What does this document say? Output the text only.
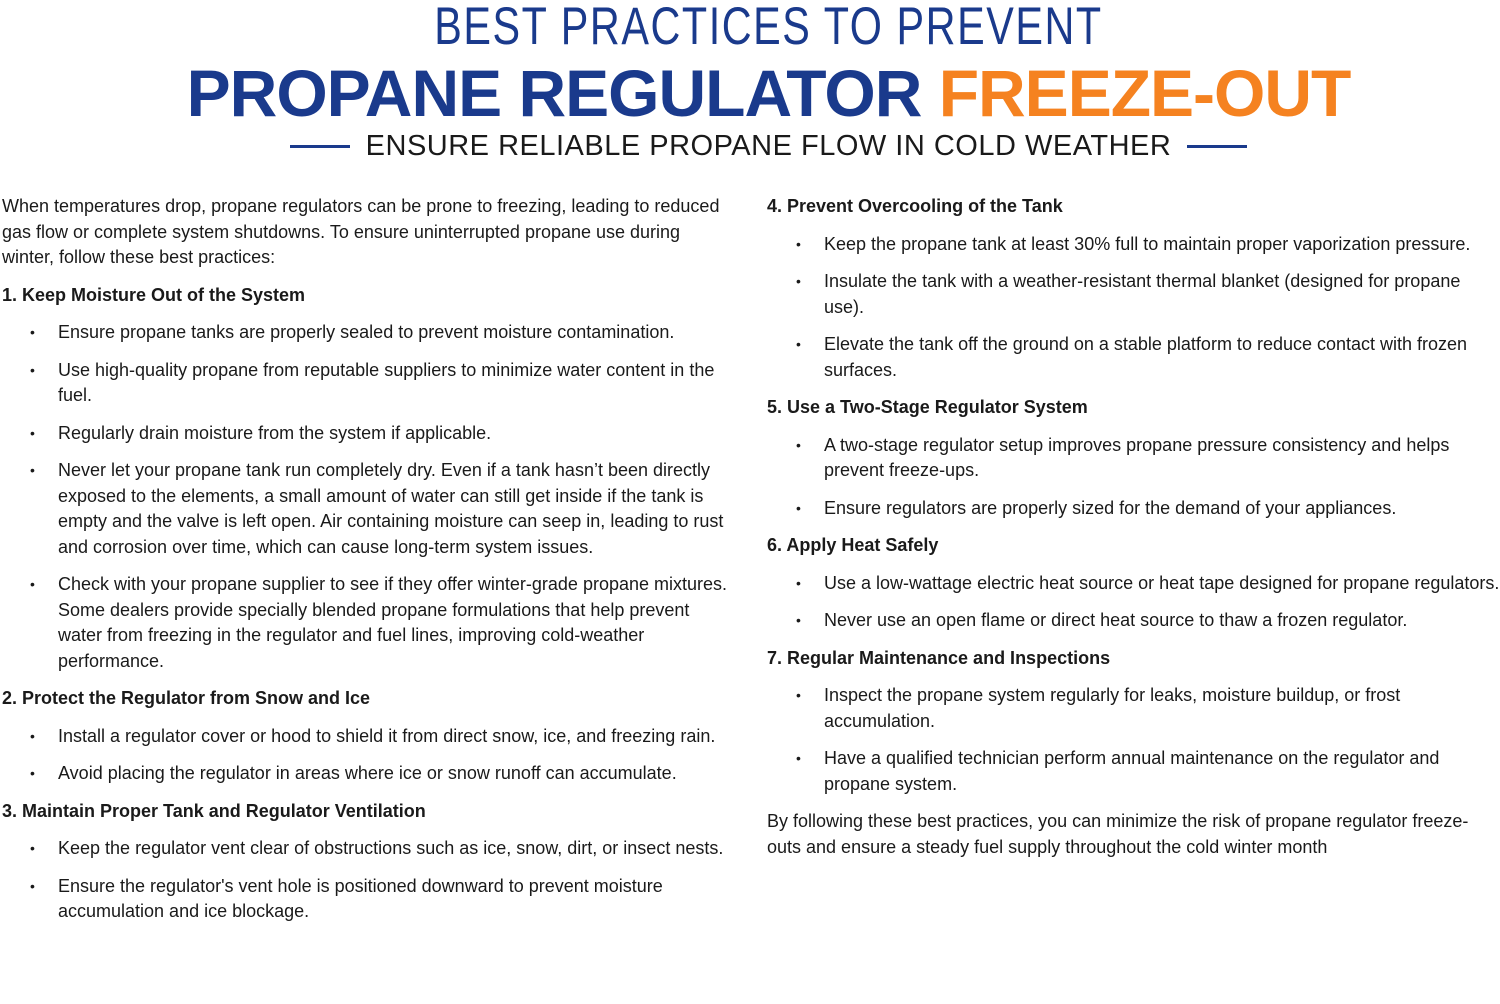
BEST PRACTICES TO PREVENT
PROPANE REGULATOR FREEZE-OUT
ENSURE RELIABLE PROPANE FLOW IN COLD WEATHER

When temperatures drop, propane regulators can be prone to freezing, leading to reduced gas flow or complete system shutdowns. To ensure uninterrupted propane use during winter, follow these best practices:

1. Keep Moisture Out of the System
• Ensure propane tanks are properly sealed to prevent moisture contamination.
• Use high-quality propane from reputable suppliers to minimize water content in the fuel.
• Regularly drain moisture from the system if applicable.
• Never let your propane tank run completely dry. Even if a tank hasn’t been directly exposed to the elements, a small amount of water can still get inside if the tank is empty and the valve is left open. Air containing moisture can seep in, leading to rust and corrosion over time, which can cause long-term system issues.
• Check with your propane supplier to see if they offer winter-grade propane mixtures. Some dealers provide specially blended propane formulations that help prevent water from freezing in the regulator and fuel lines, improving cold-weather performance.
2. Protect the Regulator from Snow and Ice
• Install a regulator cover or hood to shield it from direct snow, ice, and freezing rain.
• Avoid placing the regulator in areas where ice or snow runoff can accumulate.
3. Maintain Proper Tank and Regulator Ventilation
• Keep the regulator vent clear of obstructions such as ice, snow, dirt, or insect nests.
• Ensure the regulator's vent hole is positioned downward to prevent moisture accumulation and ice blockage.
4. Prevent Overcooling of the Tank
• Keep the propane tank at least 30% full to maintain proper vaporization pressure.
• Insulate the tank with a weather-resistant thermal blanket (designed for propane use).
• Elevate the tank off the ground on a stable platform to reduce contact with frozen surfaces.
5. Use a Two-Stage Regulator System
• A two-stage regulator setup improves propane pressure consistency and helps prevent freeze-ups.
• Ensure regulators are properly sized for the demand of your appliances.
6. Apply Heat Safely
• Use a low-wattage electric heat source or heat tape designed for propane regulators.
• Never use an open flame or direct heat source to thaw a frozen regulator.
7. Regular Maintenance and Inspections
• Inspect the propane system regularly for leaks, moisture buildup, or frost accumulation.
• Have a qualified technician perform annual maintenance on the regulator and propane system.

By following these best practices, you can minimize the risk of propane regulator freeze-outs and ensure a steady fuel supply throughout the cold winter month
